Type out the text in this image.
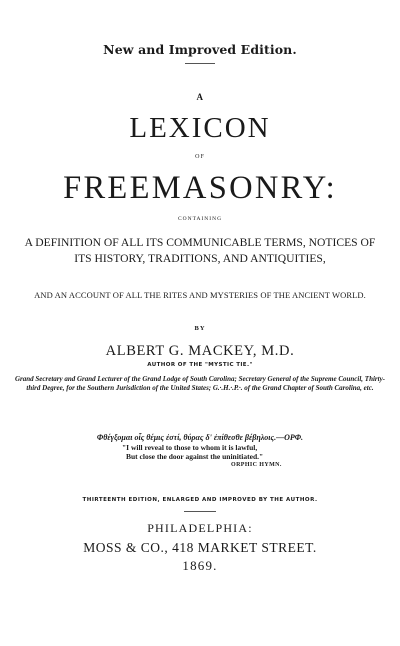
New and Improved Edition.
A
LEXICON
OF
FREEMASONRY:
CONTAINING
A DEFINITION OF ALL ITS COMMUNICABLE TERMS, NOTICES OF ITS HISTORY, TRADITIONS, AND ANTIQUITIES,
AND AN ACCOUNT OF ALL THE RITES AND MYSTERIES OF THE ANCIENT WORLD.
BY
ALBERT G. MACKEY, M.D.
AUTHOR OF THE "MYSTIC TIE."
Grand Secretary and Grand Lecturer of the Grand Lodge of South Carolina; Secretary General of the Supreme Council, Thirty-third Degree, for the Southern Jurisdiction of the United States; G.·.H.·.P.·. of the Grand Chapter of South Carolina, etc.
Φθέγξομαι οἷς θέμις ἐστί, θύρας δ' ἐπίθεσθε βέβηλοις.—ΟΡΦ.
"I will reveal to those to whom it is lawful,
But close the door against the uninitiated."
ORPHIC HYMN.
THIRTEENTH EDITION, ENLARGED AND IMPROVED BY THE AUTHOR.
PHILADELPHIA:
MOSS & CO., 418 MARKET STREET.
1869.
